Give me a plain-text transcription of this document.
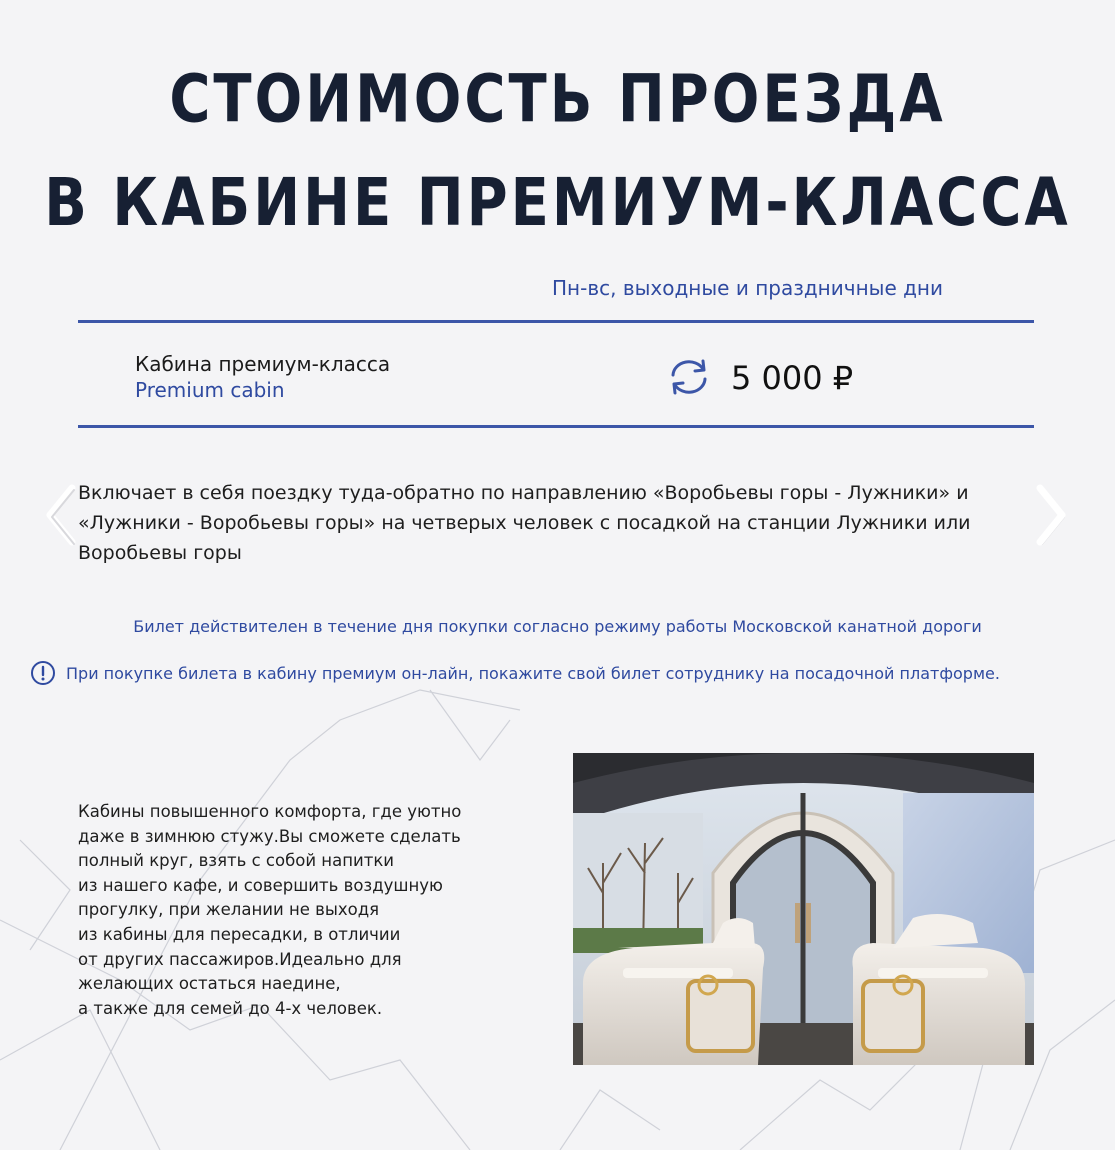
СТОИМОСТЬ ПРОЕЗДА
В КАБИНЕ ПРЕМИУМ-КЛАССА
Пн-вс, выходные и праздничные дни
Кабина премиум-класса
Premium cabin	5 000 ₽

Включает в себя поездку туда-обратно по направлению «Воробьевы горы - Лужники» и «Лужники - Воробьевы горы» на четверых человек с посадкой на станции Лужники или Воробьевы горы

Билет действителен в течение дня покупки согласно режиму работы Московской канатной дороги
При покупке билета в кабину премиум он-лайн, покажите свой билет сотруднику на посадочной платформе.

Кабины повышенного комфорта, где уютно
даже в зимнюю стужу.Вы сможете сделать
полный круг, взять с собой напитки
из нашего кафе, и совершить воздушную
прогулку, при желании не выходя
из кабины для пересадки, в отличии
от других пассажиров.Идеально для
желающих остаться наедине,
а также для семей до 4-х человек.
